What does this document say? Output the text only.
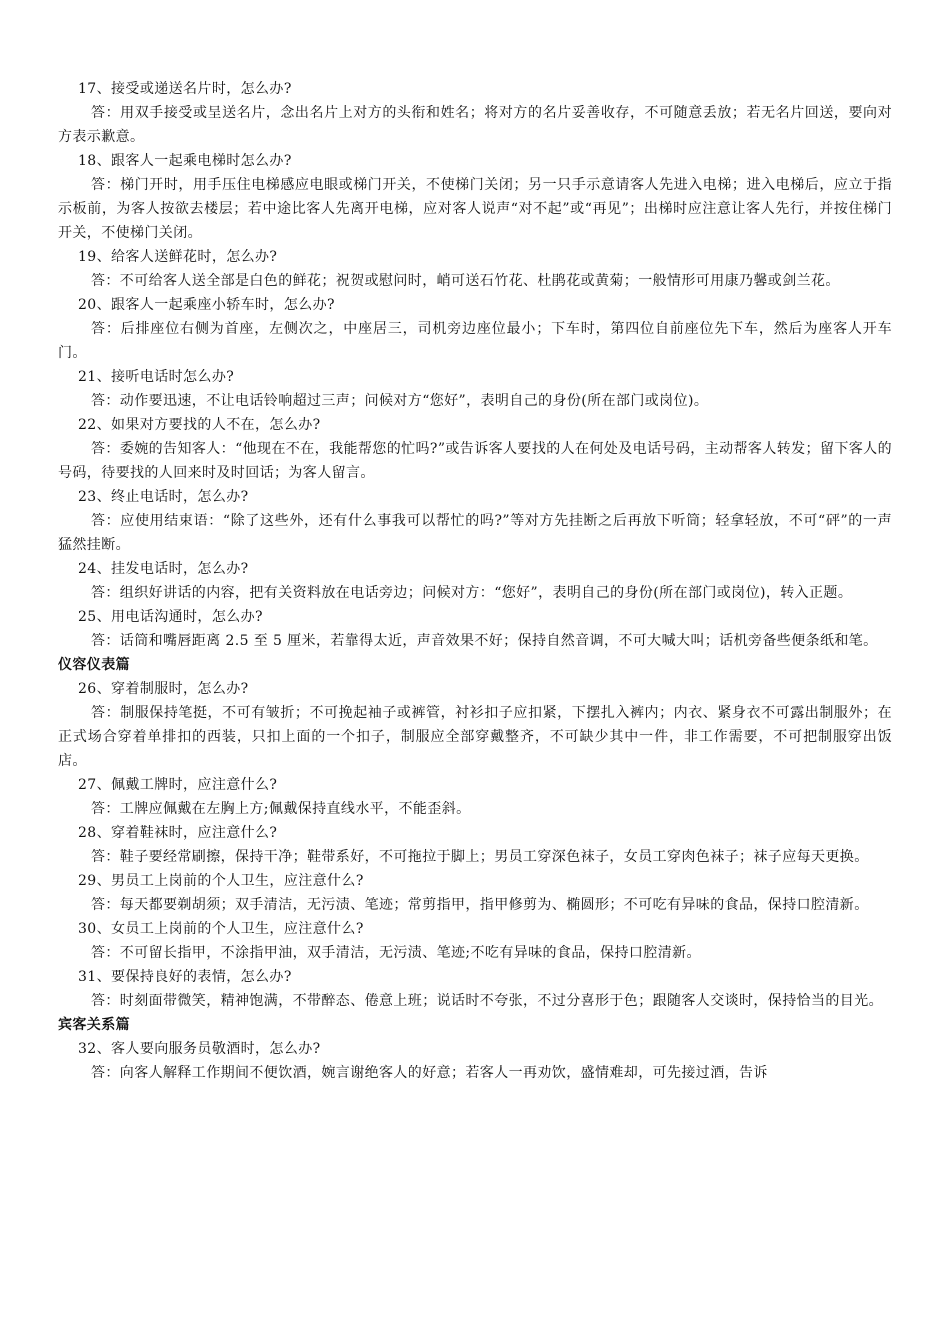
17、接受或递送名片时，怎么办?

答：用双手接受或呈送名片，念出名片上对方的头衔和姓名；将对方的名片妥善收存，不可随意丢放；若无名片回送，要向对方表示歉意。

18、跟客人一起乘电梯时怎么办?

答：梯门开时，用手压住电梯感应电眼或梯门开关，不使梯门关闭；另一只手示意请客人先进入电梯；进入电梯后，应立于指示板前，为客人按欲去楼层；若中途比客人先离开电梯，应对客人说声“对不起”或“再见”；出梯时应注意让客人先行，并按住梯门开关，不使梯门关闭。

19、给客人送鲜花时，怎么办?

答：不可给客人送全部是白色的鲜花；祝贺或慰问时，峭可送石竹花、杜鹃花或黄菊；一般情形可用康乃馨或剑兰花。

20、跟客人一起乘座小轿车时，怎么办?

答：后排座位右侧为首座，左侧次之，中座居三，司机旁边座位最小；下车时，第四位自前座位先下车，然后为座客人开车门。

21、接听电话时怎么办?

答：动作要迅速，不让电话铃响超过三声；问候对方“您好”，表明自己的身份(所在部门或岗位)。

22、如果对方要找的人不在，怎么办?

答：委婉的告知客人：“他现在不在，我能帮您的忙吗?”或告诉客人要找的人在何处及电话号码，主动帮客人转发；留下客人的号码，待要找的人回来时及时回话；为客人留言。

23、终止电话时，怎么办?

答：应使用结束语：“除了这些外，还有什么事我可以帮忙的吗?”等对方先挂断之后再放下听筒；轻拿轻放，不可“砰”的一声猛然挂断。

24、挂发电话时，怎么办?

答：组织好讲话的内容，把有关资料放在电话旁边；问候对方：“您好”，表明自己的身份(所在部门或岗位)，转入正题。

25、用电话沟通时，怎么办?

答：话筒和嘴唇距离 2.5 至 5 厘米，若靠得太近，声音效果不好；保持自然音调，不可大喊大叫；话机旁备些便条纸和笔。

仪容仪表篇

26、穿着制服时，怎么办?

答：制服保持笔挺，不可有皱折；不可挽起袖子或裤管，衬衫扣子应扣紧，下摆扎入裤内；内衣、紧身衣不可露出制服外；在正式场合穿着单排扣的西装，只扣上面的一个扣子，制服应全部穿戴整齐，不可缺少其中一件，非工作需要，不可把制服穿出饭店。

27、佩戴工牌时，应注意什么?

答：工牌应佩戴在左胸上方;佩戴保持直线水平，不能歪斜。

28、穿着鞋袜时，应注意什么?

答：鞋子要经常刷擦，保持干净；鞋带系好，不可拖拉于脚上；男员工穿深色袜子，女员工穿肉色袜子；袜子应每天更换。

29、男员工上岗前的个人卫生，应注意什么?

答：每天都要剃胡须；双手清洁，无污渍、笔迹；常剪指甲，指甲修剪为、椭圆形；不可吃有异味的食品，保持口腔清新。

30、女员工上岗前的个人卫生，应注意什么?

答：不可留长指甲，不涂指甲油，双手清洁，无污渍、笔迹;不吃有异味的食品，保持口腔清新。

31、要保持良好的表情，怎么办?

答：时刻面带微笑，精神饱满，不带醉态、倦意上班；说话时不夸张，不过分喜形于色；跟随客人交谈时，保持恰当的目光。

宾客关系篇

32、客人要向服务员敬酒时，怎么办?

答：向客人解释工作期间不便饮酒，婉言谢绝客人的好意；若客人一再劝饮，盛情难却，可先接过酒，告诉
